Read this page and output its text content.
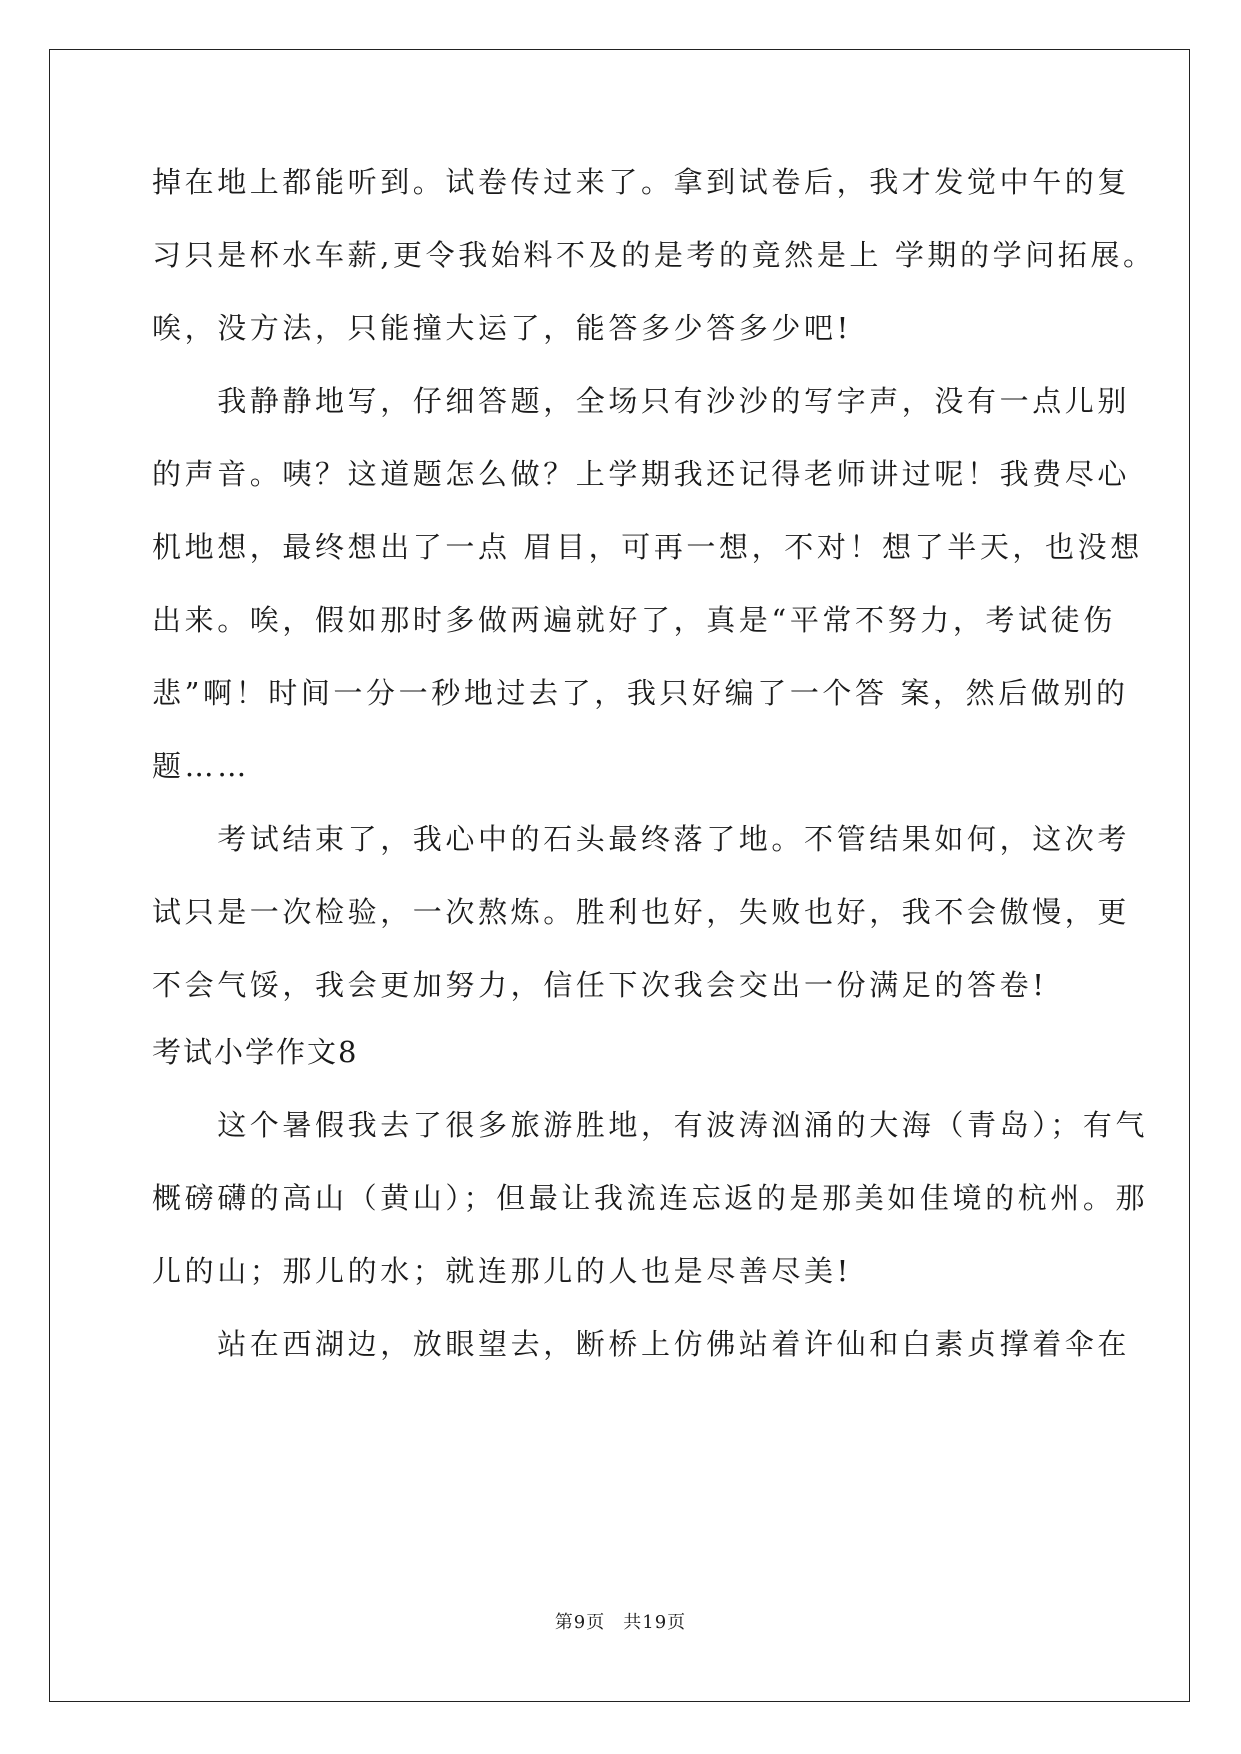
掉在地上都能听到。试卷传过来了。拿到试卷后，我才发觉中午的复
习只是杯水车薪,更令我始料不及的是考的竟然是上 学期的学问拓展。
唉，没方法，只能撞大运了，能答多少答多少吧!
　　我静静地写，仔细答题，全场只有沙沙的写字声，没有一点儿别
的声音。咦？这道题怎么做？上学期我还记得老师讲过呢！我费尽心
机地想，最终想出了一点 眉目，可再一想，不对！想了半天，也没想
出来。唉，假如那时多做两遍就好了，真是“平常不努力，考试徒伤
悲”啊！时间一分一秒地过去了，我只好编了一个答 案，然后做别的
题……
　　考试结束了，我心中的石头最终落了地。不管结果如何，这次考
试只是一次检验，一次熬炼。胜利也好，失败也好，我不会傲慢，更
不会气馁，我会更加努力，信任下次我会交出一份满足的答卷!
考试小学作文8
　　这个暑假我去了很多旅游胜地，有波涛汹涌的大海（青岛）；有气
概磅礴的高山（黄山）；但最让我流连忘返的是那美如佳境的杭州。那
儿的山；那儿的水；就连那儿的人也是尽善尽美!
　　站在西湖边，放眼望去，断桥上仿佛站着许仙和白素贞撑着伞在
第9页 共19页
